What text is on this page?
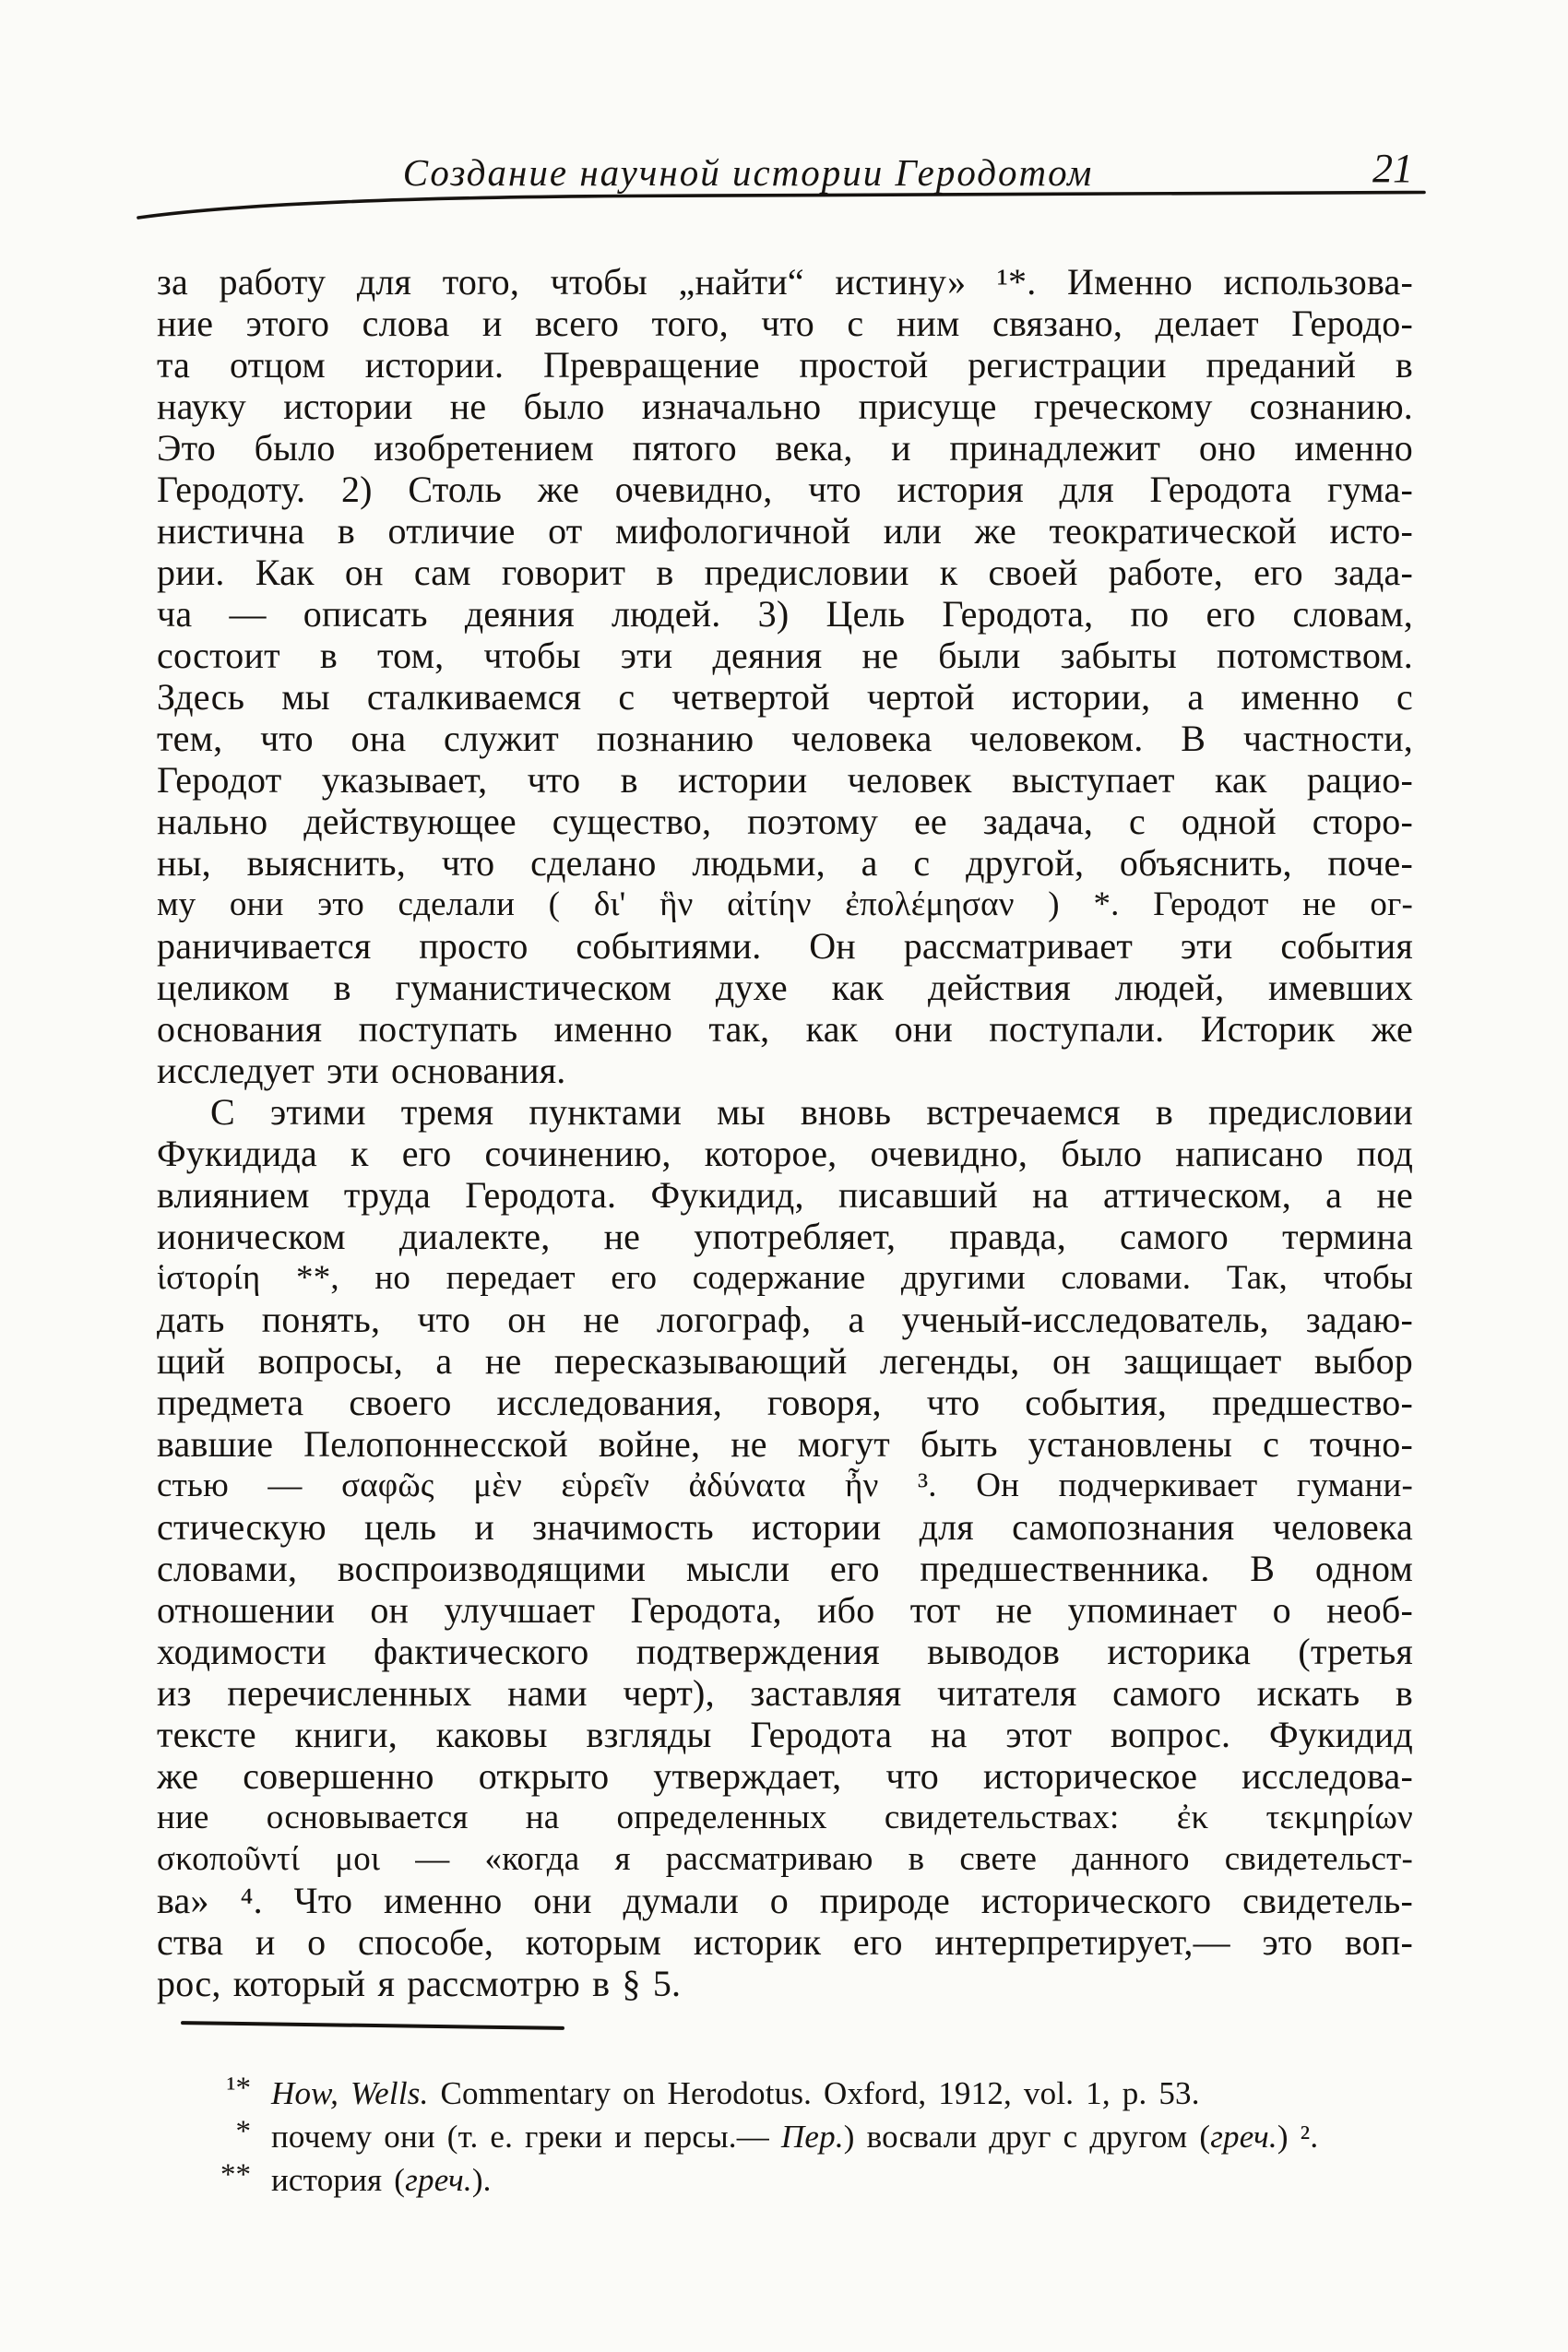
Создание научной истории Геродотом	21
за работу для того, чтобы „найти“ истину» ¹*. Именно использова-
ние этого слова и всего того, что с ним связано, делает Геродо-
та отцом истории. Превращение простой регистрации преданий в
науку истории не было изначально присуще греческому сознанию.
Это было изобретением пятого века, и принадлежит оно именно
Геродоту. 2) Столь же очевидно, что история для Геродота гума-
нистична в отличие от мифологичной или же теократической исто-
рии. Как он сам говорит в предисловии к своей работе, его зада-
ча — описать деяния людей. 3) Цель Геродота, по его словам,
состоит в том, чтобы эти деяния не были забыты потомством.
Здесь мы сталкиваемся с четвертой чертой истории, а именно с
тем, что она служит познанию человека человеком. В частности,
Геродот указывает, что в истории человек выступает как рацио-
нально действующее существо, поэтому ее задача, с одной сторо-
ны, выяснить, что сделано людьми, а с другой, объяснить, поче-
му они это сделали ( δι' ἣν αἰτίην ἐπολέμησαν ) *. Геродот не ог-
раничивается просто событиями. Он рассматривает эти события
целиком в гуманистическом духе как действия людей, имевших
основания поступать именно так, как они поступали. Историк же
исследует эти основания.
С этими тремя пунктами мы вновь встречаемся в предисловии
Фукидида к его сочинению, которое, очевидно, было написано под
влиянием труда Геродота. Фукидид, писавший на аттическом, а не
ионическом диалекте, не употребляет, правда, самого термина
ἱστορίη **, но передает его содержание другими словами. Так, чтобы
дать понять, что он не логограф, а ученый-исследователь, задаю-
щий вопросы, а не пересказывающий легенды, он защищает выбор
предмета своего исследования, говоря, что события, предшество-
вавшие Пелопоннесской войне, не могут быть установлены с точно-
стью — σαφῶς μὲν εὑρεῖν ἀδύνατα ἦν ³. Он подчеркивает гумани-
стическую цель и значимость истории для самопознания человека
словами, воспроизводящими мысли его предшественника. В одном
отношении он улучшает Геродота, ибо тот не упоминает о необ-
ходимости фактического подтверждения выводов историка (третья
из перечисленных нами черт), заставляя читателя самого искать в
тексте книги, каковы взгляды Геродота на этот вопрос. Фукидид
же совершенно открыто утверждает, что историческое исследова-
ние основывается на определенных свидетельствах: ἐκ τεκμηρίων
σκοποῦντί μοι — «когда я рассматриваю в свете данного свидетельст-
ва» ⁴. Что именно они думали о природе исторического свидетель-
ства и о способе, которым историк его интерпретирует,— это воп-
рос, который я рассмотрю в § 5.
¹* How, Wells. Commentary on Herodotus. Oxford, 1912, vol. 1, p. 53.
* почему они (т. е. греки и персы.— Пер.) восвали друг с другом (греч.) ².
** история (греч.).
